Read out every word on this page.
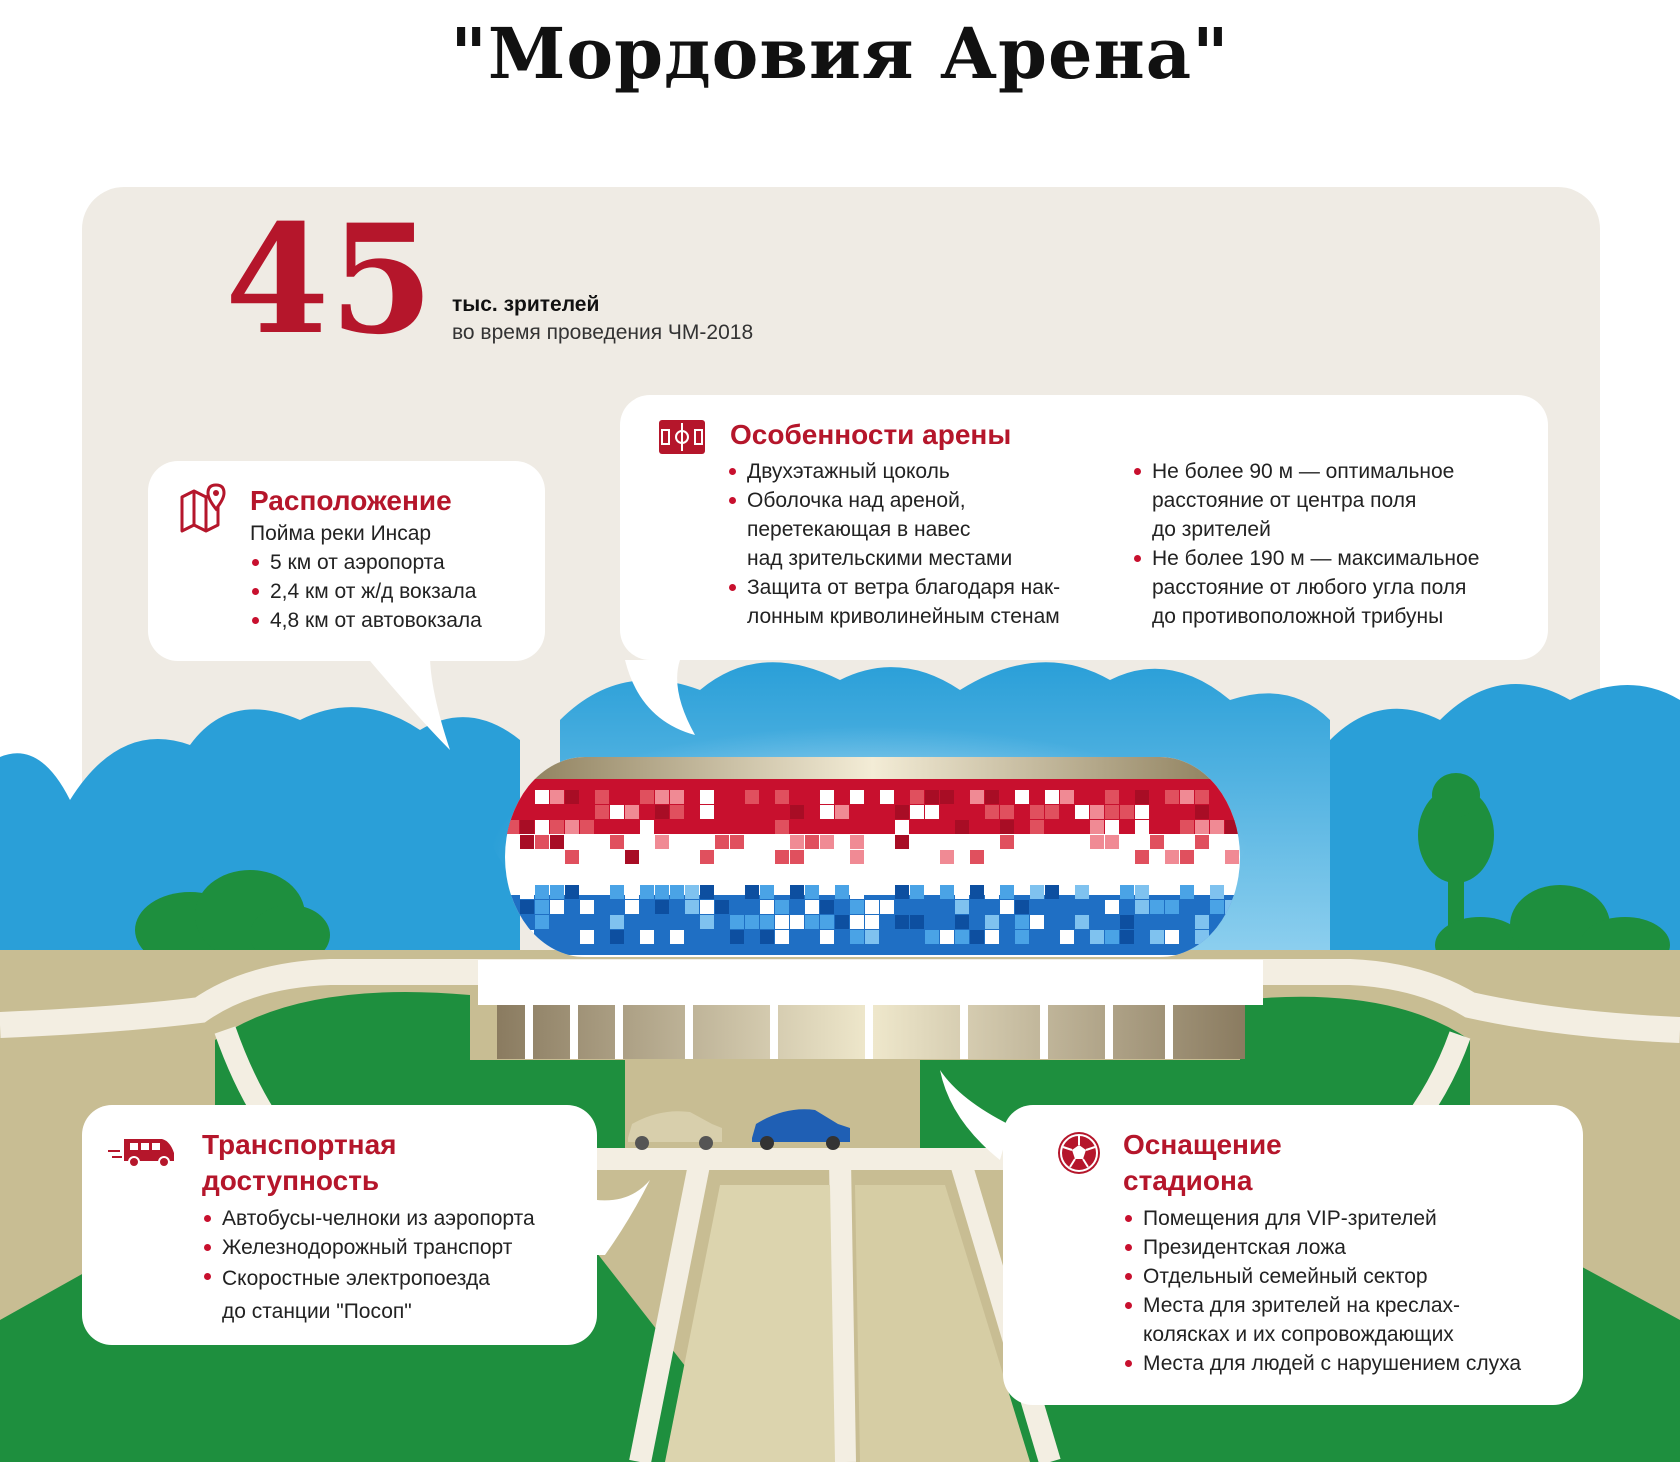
"Мордовия Арена"
45 тыс. зрителей
во время проведения ЧМ-2018
Расположение
Пойма реки Инсар
5 км от аэропорта
2,4 км от ж/д вокзала
4,8 км от автовокзала
Особенности арены
Двухэтажный цоколь
Оболочка над ареной,
перетекающая в навес
над зрительскими местами
Защита от ветра благодаря нак-
лонным криволинейным стенам
Не более 90 м — оптимальное
расстояние от центра поля
до зрителей
Не более 190 м — максимальное
расстояние от любого угла поля
до противоположной трибуны
Транспортная
доступность
Автобусы-челноки из аэропорта
Железнодорожный транспорт
Скоростные электропоезда
до станции "Посоп"
Оснащение
стадиона
Помещения для VIP-зрителей
Президентская ложа
Отдельный семейный сектор
Места для зрителей на креслах-
колясках и их сопровождающих
Места для людей с нарушением слуха
